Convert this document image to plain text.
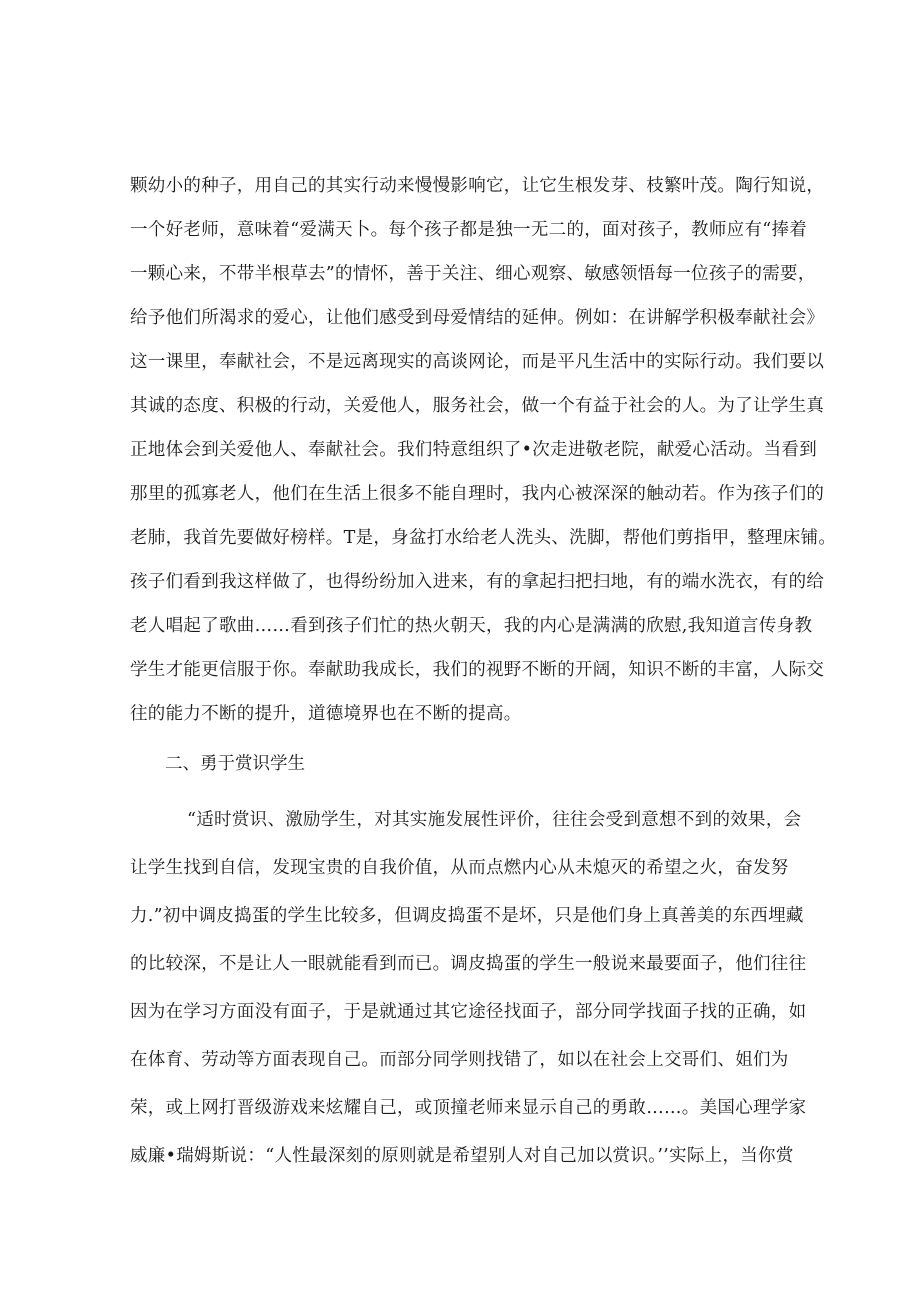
颗幼小的种子，用自己的其实行动来慢慢影响它，让它生根发芽、枝繁叶茂。陶行知说，
一个好老师，意味着“爱满天卜。每个孩子都是独一无二的，面对孩子，教师应有“捧着
一颗心来，不带半根草去”的情怀，善于关注、细心观察、敏感领悟每一位孩子的需要，
给予他们所渴求的爱心，让他们感受到母爱情结的延伸。例如：在讲解学积极奉献社会》
这一课里，奉献社会，不是远离现实的高谈网论，而是平凡生活中的实际行动。我们要以
其诚的态度、积极的行动，关爱他人，服务社会，做一个有益于社会的人。为了让学生真
正地体会到关爱他人、奉献社会。我们特意组织了•次走进敬老院，献爱心活动。当看到
那里的孤寡老人，他们在生活上很多不能自理时，我内心被深深的触动若。作为孩子们的
老肺，我首先要做好榜样。T是，身盆打水给老人洗头、洗脚，帮他们剪指甲，整理床铺。
孩子们看到我这样做了，也得纷纷加入进来，有的拿起扫把扫地，有的端水洗衣，有的给
老人唱起了歌曲……看到孩子们忙的热火朝天，我的内心是满满的欣慰,我知道言传身教
学生才能更信服于你。奉献助我成长，我们的视野不断的开阔，知识不断的丰富，人际交
往的能力不断的提升，道德境界也在不断的提高。
二、勇于赏识学生
“适时赏识、激励学生，对其实施发展性评价，往往会受到意想不到的效果，会
让学生找到自信，发现宝贵的自我价值，从而点燃内心从未熄灭的希望之火，奋发努
力.”初中调皮捣蛋的学生比较多，但调皮捣蛋不是坏，只是他们身上真善美的东西埋藏
的比较深，不是让人一眼就能看到而已。调皮捣蛋的学生一般说来最要面子，他们往往
因为在学习方面没有面子，于是就通过其它途径找面子，部分同学找面子找的正确，如
在体育、劳动等方面表现自己。而部分同学则找错了，如以在社会上交哥们、姐们为
荣，或上网打晋级游戏来炫耀自己，或顶撞老师来显示自己的勇敢……。美国心理学家
威廉•瑞姆斯说：“人性最深刻的原则就是希望别人对自己加以赏识。’’实际上，当你赏
